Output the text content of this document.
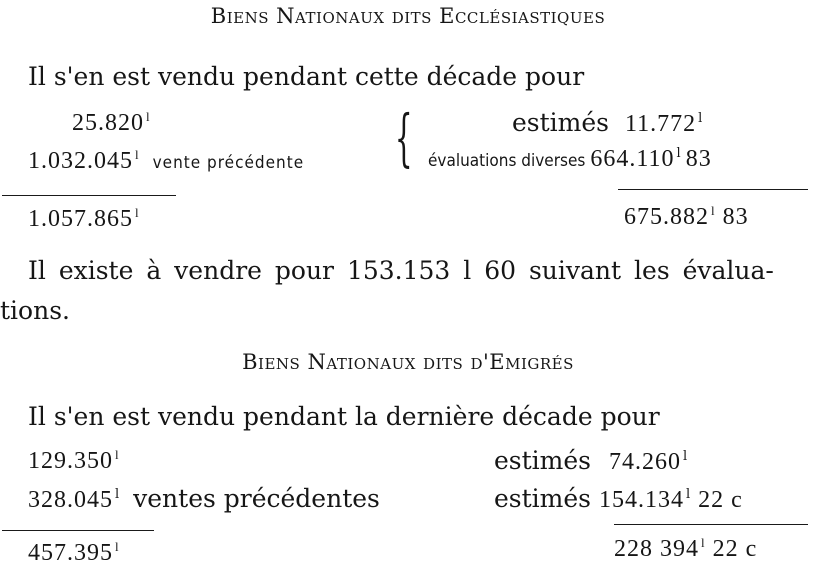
Biens Nationaux dits Ecclésiastiques
Il s'en est vendu pendant cette décade pour
25.820 $^l$
1.032.045 $^l$ vente précédente
1.057.865 $^l$
{	estimés 11.772 $^l$
évaluations diverses 664.110 $^l$ 83
675.882 $^l$ 83
Il existe à vendre pour 153.153 l 60 suivant les évalua-
tions.
Biens Nationaux dits d'Emigrés
Il s'en est vendu pendant la dernière décade pour
129.350 $^l$
328.045 $^l$ ventes précédentes
457.395 $^l$
estimés 74.260 $^l$
estimés 154.134 $^l$ 22 c
228 394 $^l$ 22 c
